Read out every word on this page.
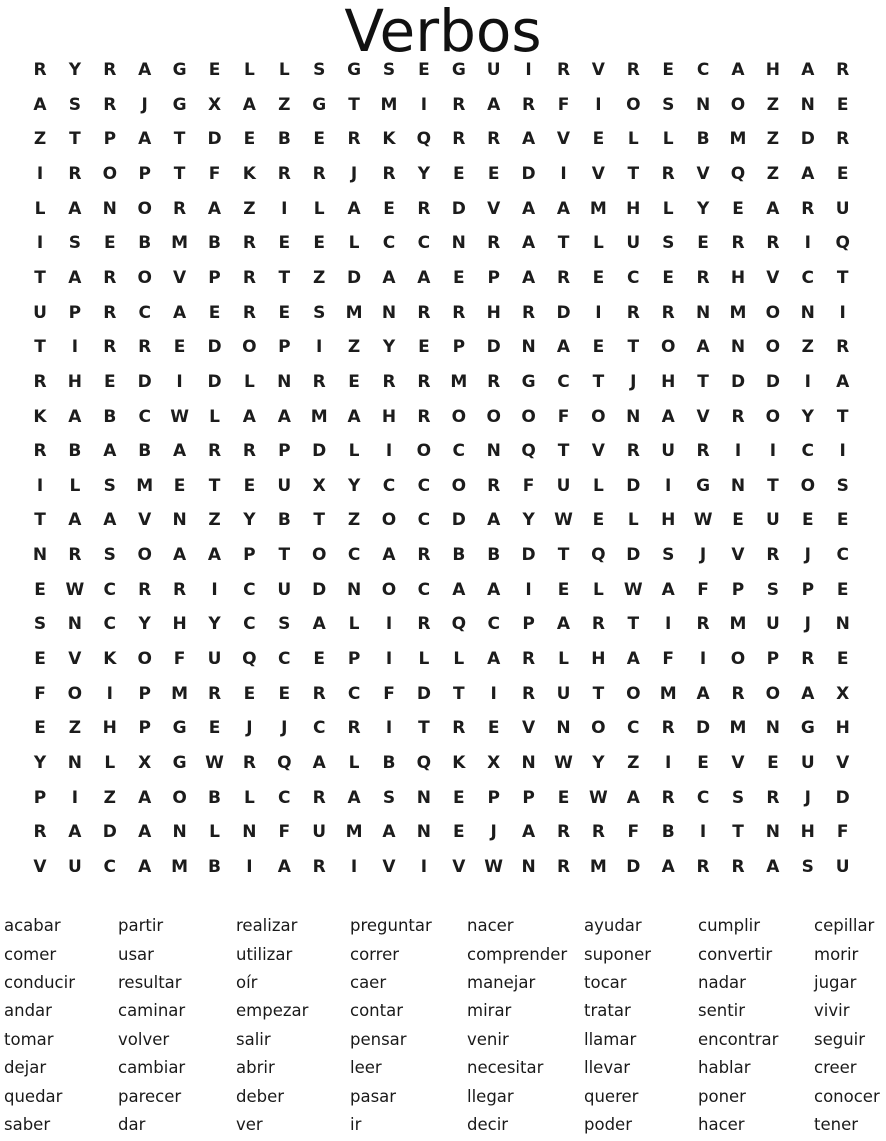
Verbos
R Y R A G E L L S G S E G U	I	R V R E C A H A R
A S R	J	G X A Z G T M	I	R A R F	I	O S N O Z N E
Z T P A T D E B E R K Q R R A V E L L B M Z D R
I	R O P T F K R R	J	R Y E E D	I	V T R V Q Z A E
L A N O R A Z	I	L A E R D V A A M H L Y E A R U
I	S E B M B R E E L C C N R A T L U S E R R	I	Q
T A R O V P R T Z D A A E P A R E C E R H V C T
U P R C A E R E S M N R R H R D	I	R R N M O N	I
T	I	R R E D O P	I	Z Y E P D N A E T O A N O Z R
R H E D	I	D L N R E R R M R G C T	J	H T D D	I	A
K A B C W L A A M A H R O O O F O N A V R O Y T
R B A B A R R P D L	I	O C N Q T V R U R	I	I	C	I
I	L S M E T E U X Y C C O R F U L D	I	G N T O S
T A A V N Z Y B T Z O C D A Y W E L H W E U E E
N R S O A A P T O C A R B B D T Q D S	J	V R	J	C
E W C R R	I	C U D N O C A A	I	E L W A F P S P E
S N C Y H Y C S A L	I	R Q C P A R T	I	R M U	J	N
E V K O F U Q C E P	I	L L A R L H A F	I	O P R E
F O	I	P M R E E R C F D T	I	R U T O M A R O A X
E Z H P G E	J	J	C R	I	T R E V N O C R D M N G H
Y N L X G W R Q A L B Q K X N W Y Z	I	E V E U V
P	I	Z A O B L C R A S N E P P E W A R C S R	J	D
R A D A N L N F U M A N E	J	A R R F B	I	T N H F
V U C A M B	I	A R	I	V	I	V W N R M D A R R A S U
acabar
comer
conducir
andar
tomar
dejar
quedar
saber
partir
usar
resultar
caminar
volver
cambiar
parecer
dar
realizar
utilizar
oír
empezar
salir
abrir
deber
ver
preguntar
correr
caer
contar
pensar
leer
pasar
ir
nacer
comprender
manejar
mirar
venir
necesitar
llegar
decir
ayudar
suponer
tocar
tratar
llamar
llevar
querer
poder
cumplir
convertir
nadar
sentir
encontrar
hablar
poner
hacer
cepillar
morir
jugar
vivir
seguir
creer
conocer
tener
